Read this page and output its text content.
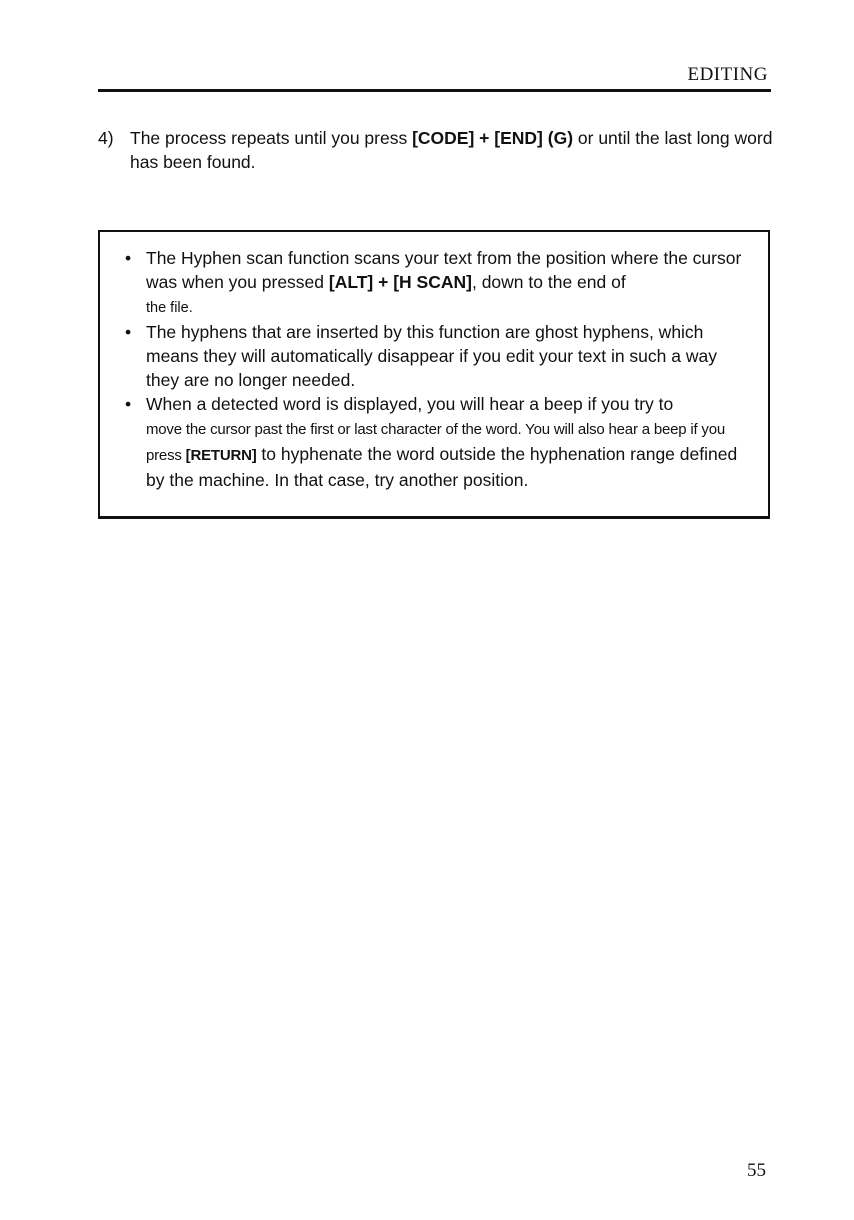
EDITING
4) The process repeats until you press [CODE] + [END] (G) or until the last long word has been found.
• The Hyphen scan function scans your text from the position where the cursor was when you pressed [ALT] + [H SCAN], down to the end of
the file.
• The hyphens that are inserted by this function are ghost hyphens, which means they will automatically disappear if you edit your text in such a way they are no longer needed.
• When a detected word is displayed, you will hear a beep if you try to
move the cursor past the first or last character of the word. You will also hear a beep if you press [RETURN] to hyphenate the word outside the hyphenation range defined by the machine. In that case, try another position.
55
